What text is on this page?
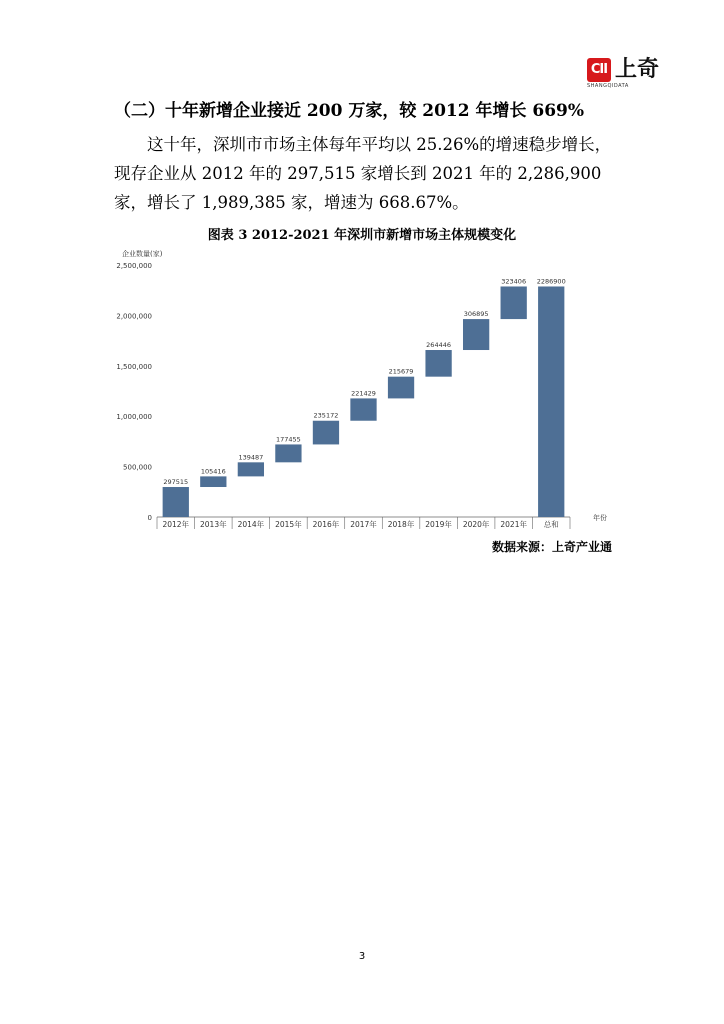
CII 上奇
SHANGQIDATA
（二）十年新增企业接近 200 万家，较 2012 年增长 669%

这十年，深圳市市场主体每年平均以 25.26%的增速稳步增长，现存企业从 2012 年的 297,515 家增长到 2021 年的 2,286,900 家，增长了 1,989,385 家，增速为 668.67%。

图表 3 2012-2021 年深圳市新增市场主体规模变化
企业数量(家)
0
500,000
1,000,000
1,500,000
2,000,000
2,500,000
297515
2012年
105416
2013年
139487
2014年
177455
2015年
235172
2016年
221429
2017年
215679
2018年
264446
2019年
306895
2020年
323406
2021年
2286900
总和
年份
数据来源：上奇产业通
3
